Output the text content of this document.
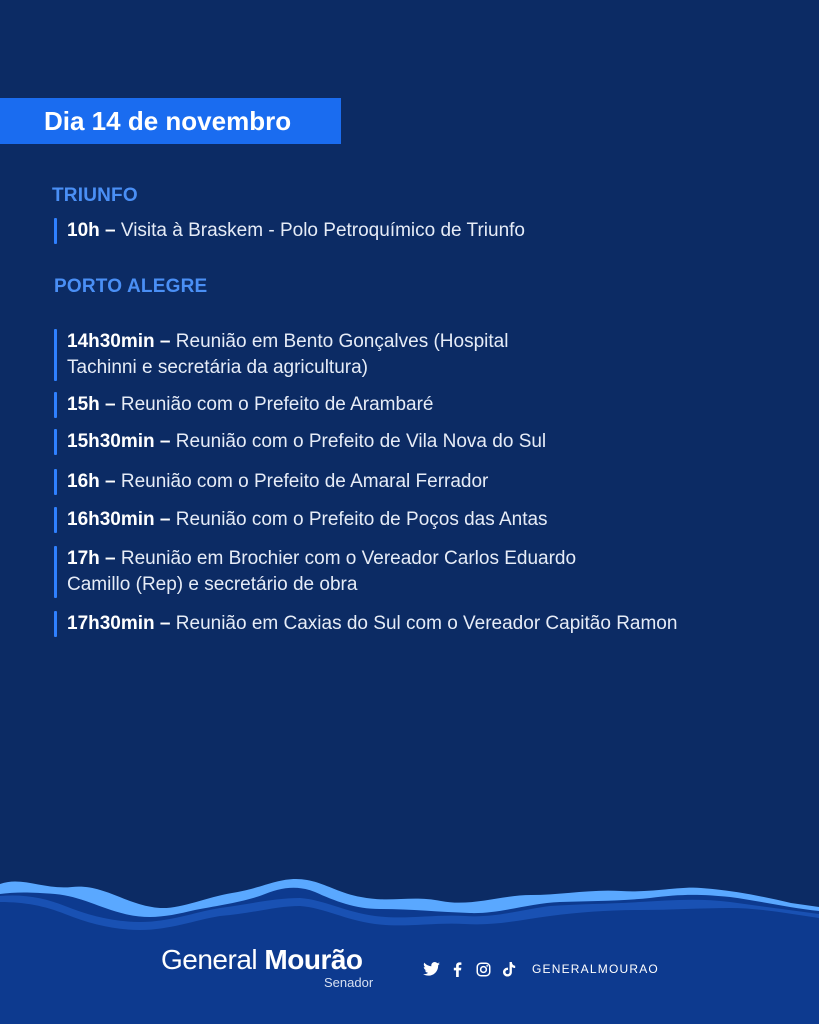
Dia 14 de novembro
TRIUNFO
10h – Visita à Braskem - Polo Petroquímico de Triunfo
PORTO ALEGRE
14h30min – Reunião em Bento Gonçalves (Hospital
Tachinni e secretária da agricultura)
15h – Reunião com o Prefeito de Arambaré
15h30min – Reunião com o Prefeito de Vila Nova do Sul
16h – Reunião com o Prefeito de Amaral Ferrador
16h30min – Reunião com o Prefeito de Poços das Antas
17h – Reunião em Brochier com o Vereador Carlos Eduardo
Camillo (Rep) e secretário de obra
17h30min – Reunião em Caxias do Sul com o Vereador Capitão Ramon
General Mourão
Senador
GENERALMOURAO
